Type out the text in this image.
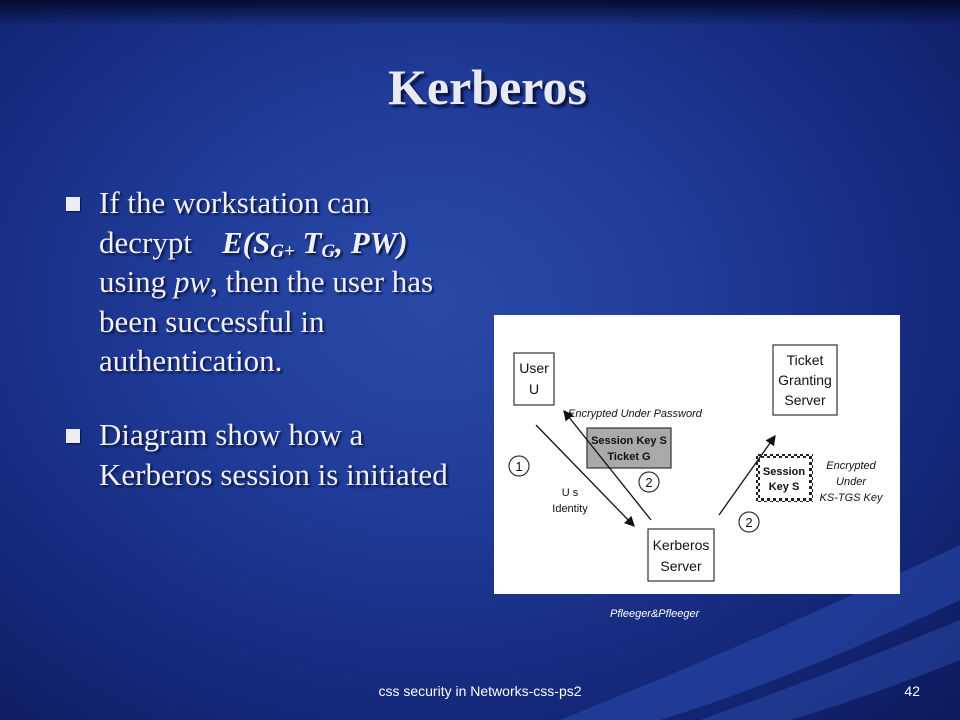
Kerberos
If the workstation can
decrypt $E(S_{G+}$ $T_G$, PW)
using pw, then the user has
been successful in
authentication.
Diagram show how a
Kerberos session is initiated
User
U
Ticket
Granting
Server
Kerberos
Server
Encrypted Under Password
Session Key S
Ticket G
1
2
2
U s
Identity
Session
Key S
Encrypted
Under
KS-TGS Key
Pfleeger&Pfleeger
css security in Networks-css-ps2	42
